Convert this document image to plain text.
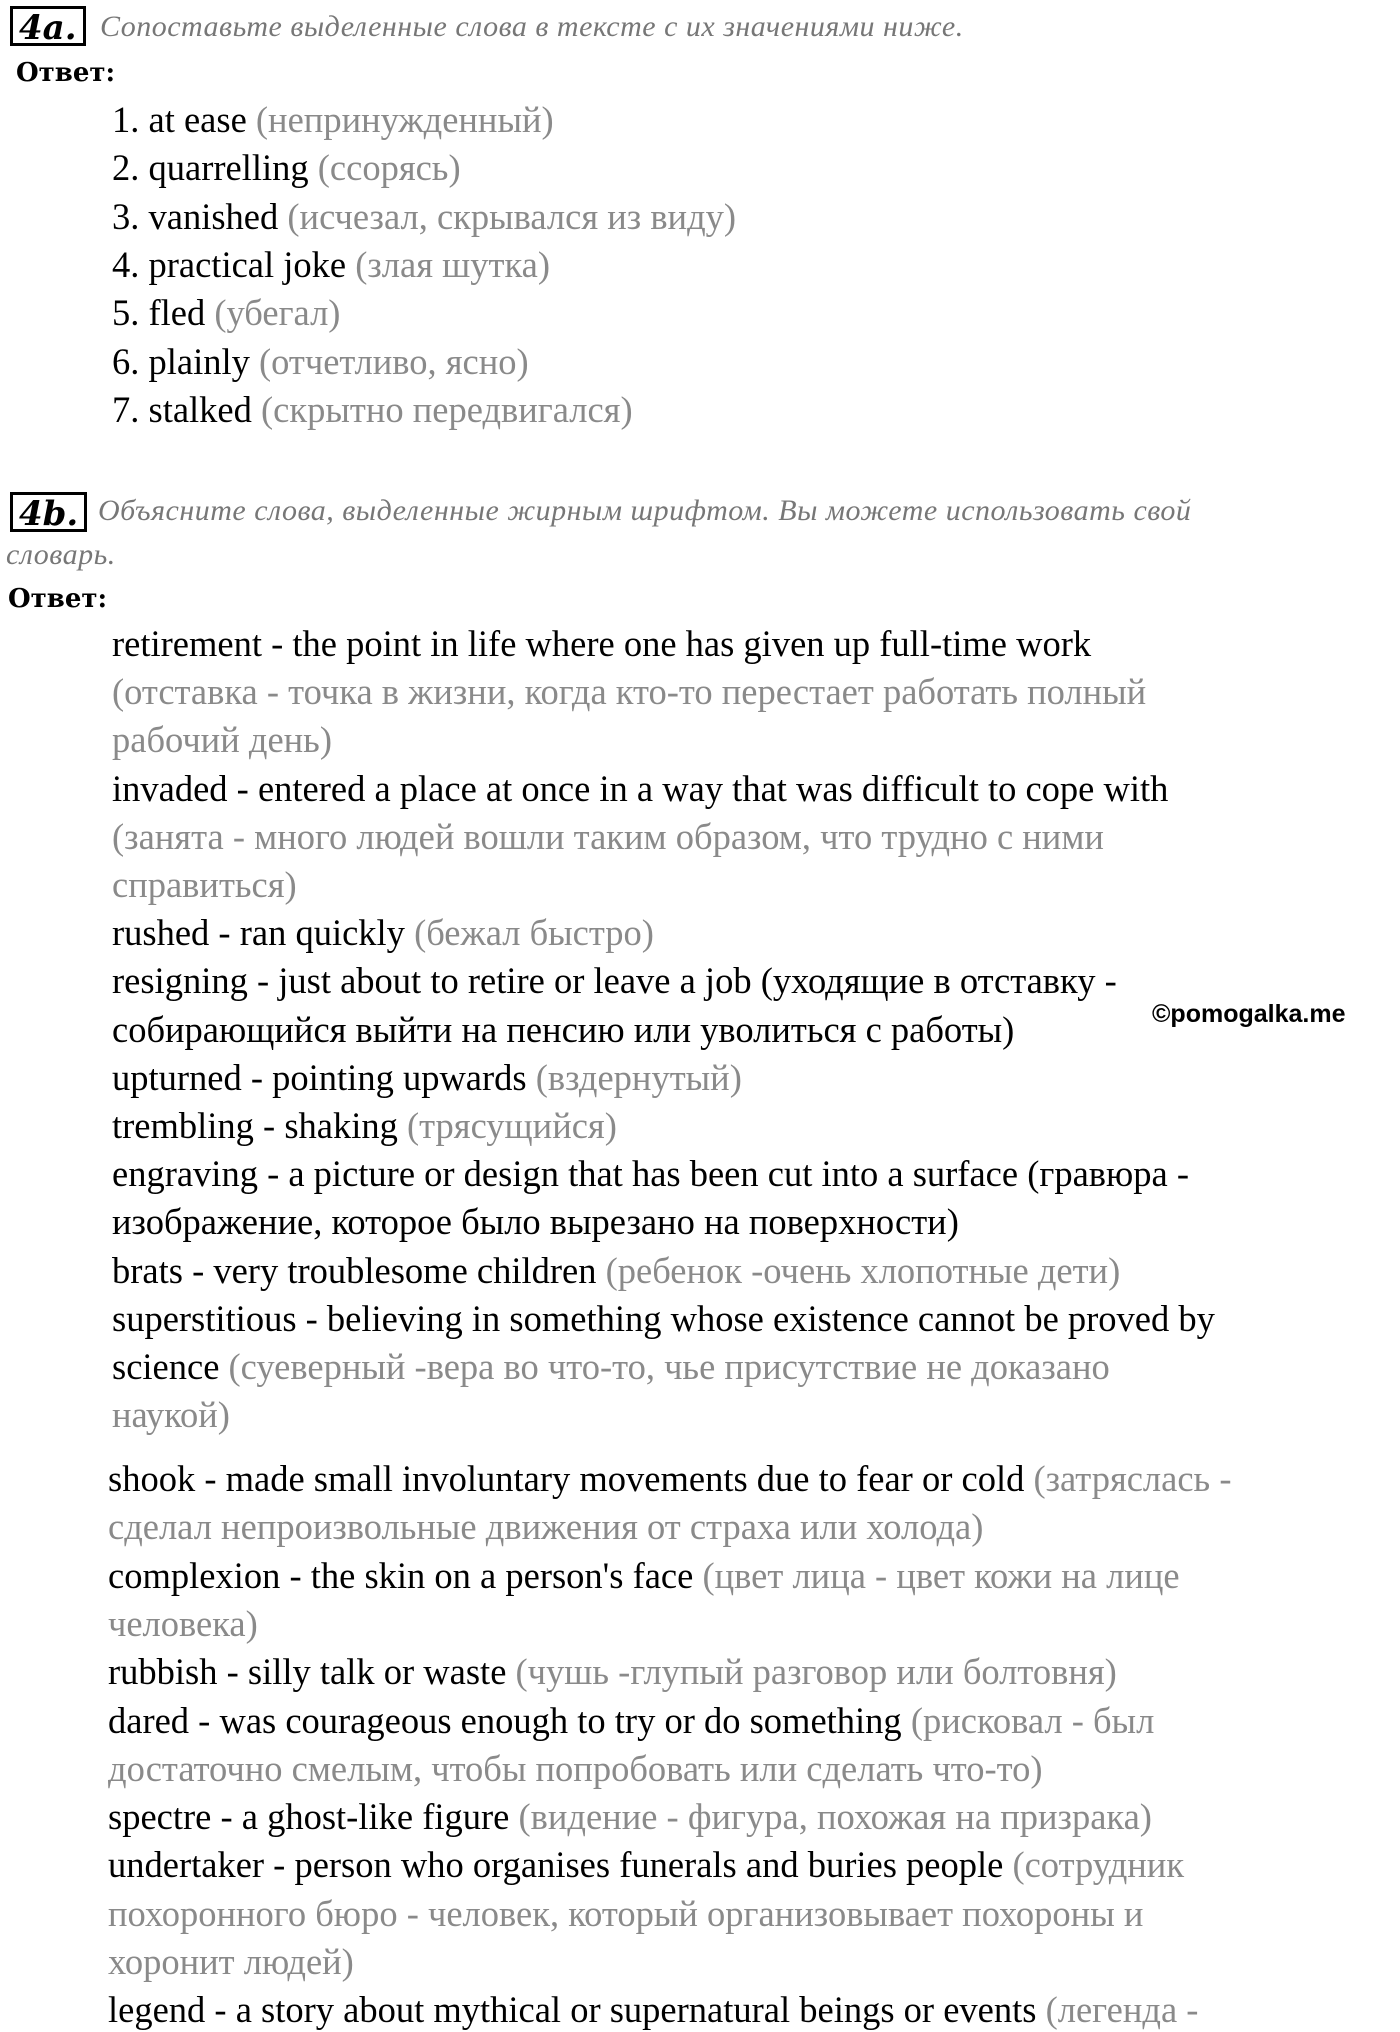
4a. Сопоставьте выделенные слова в тексте с их значениями ниже.
Ответ:
1. at ease (непринужденный)
2. quarrelling (ссорясь)
3. vanished (исчезал, скрывался из виду)
4. practical joke (злая шутка)
5. fled (убегал)
6. plainly (отчетливо, ясно)
7. stalked (скрытно передвигался)
4b. Объясните слова, выделенные жирным шрифтом. Вы можете использовать свой
словарь.
Ответ:
retirement - the point in life where one has given up full-time work
(отставка - точка в жизни, когда кто-то перестает работать полный
рабочий день)
invaded - entered a place at once in a way that was difficult to cope with
(занята - много людей вошли таким образом, что трудно с ними
справиться)
rushed - ran quickly (бежал быстро)
resigning - just about to retire or leave a job (уходящие в отставку -
собирающийся выйти на пенсию или уволиться с работы)
upturned - pointing upwards (вздернутый)
trembling - shaking (трясущийся)
engraving - a picture or design that has been cut into a surface (гравюра -
изображение, которое было вырезано на поверхности)
brats - very troublesome children (ребенок -очень хлопотные дети)
superstitious - believing in something whose existence cannot be proved by
science (суеверный -вера во что-то, чье присутствие не доказано
наукой)
shook - made small involuntary movements due to fear or cold (затряслась -
сделал непроизвольные движения от страха или холода)
complexion - the skin on a person's face (цвет лица - цвет кожи на лице
человека)
rubbish - silly talk or waste (чушь -глупый разговор или болтовня)
dared - was courageous enough to try or do something (рисковал - был
достаточно смелым, чтобы попробовать или сделать что-то)
spectre - a ghost-like figure (видение - фигура, похожая на призрака)
undertaker - person who organises funerals and buries people (сотрудник
похоронного бюро - человек, который организовывает похороны и
хоронит людей)
legend - a story about mythical or supernatural beings or events (легенда -
©pomogalka.me
